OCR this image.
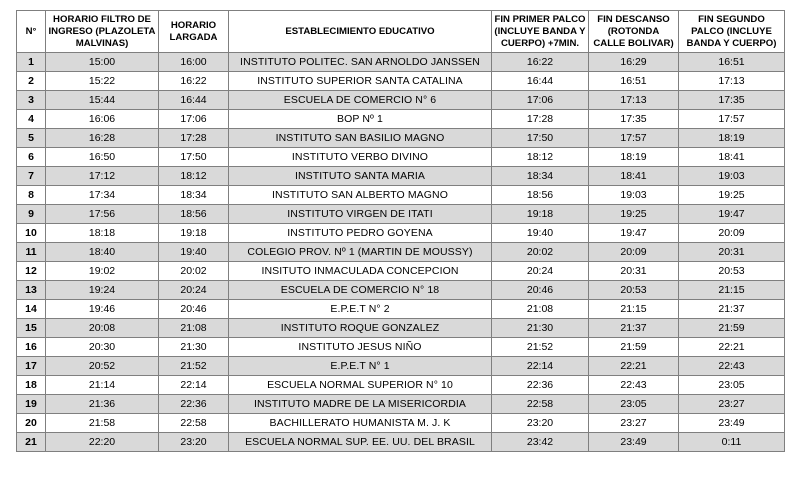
N°	HORARIO FILTRO DE INGRESO (PLAZOLETA MALVINAS)	HORARIO LARGADA	ESTABLECIMIENTO EDUCATIVO	FIN PRIMER PALCO (INCLUYE BANDA Y CUERPO) +7MIN.	FIN DESCANSO (ROTONDA CALLE BOLIVAR)	FIN SEGUNDO PALCO (INCLUYE BANDA Y CUERPO)
1	15:00	16:00	INSTITUTO POLITEC. SAN ARNOLDO JANSSEN	16:22	16:29	16:51
2	15:22	16:22	INSTITUTO SUPERIOR SANTA CATALINA	16:44	16:51	17:13
3	15:44	16:44	ESCUELA DE COMERCIO N° 6	17:06	17:13	17:35
4	16:06	17:06	BOP Nº 1	17:28	17:35	17:57
5	16:28	17:28	INSTITUTO SAN BASILIO MAGNO	17:50	17:57	18:19
6	16:50	17:50	INSTITUTO VERBO DIVINO	18:12	18:19	18:41
7	17:12	18:12	INSTITUTO SANTA MARIA	18:34	18:41	19:03
8	17:34	18:34	INSTITUTO SAN ALBERTO MAGNO	18:56	19:03	19:25
9	17:56	18:56	INSTITUTO VIRGEN DE ITATI	19:18	19:25	19:47
10	18:18	19:18	INSTITUTO PEDRO GOYENA	19:40	19:47	20:09
11	18:40	19:40	COLEGIO PROV. Nº 1 (MARTIN DE MOUSSY)	20:02	20:09	20:31
12	19:02	20:02	INSITUTO INMACULADA CONCEPCION	20:24	20:31	20:53
13	19:24	20:24	ESCUELA DE COMERCIO N° 18	20:46	20:53	21:15
14	19:46	20:46	E.P.E.T N° 2	21:08	21:15	21:37
15	20:08	21:08	INSTITUTO ROQUE GONZALEZ	21:30	21:37	21:59
16	20:30	21:30	INSTITUTO JESUS NIÑO	21:52	21:59	22:21
17	20:52	21:52	E.P.E.T N° 1	22:14	22:21	22:43
18	21:14	22:14	ESCUELA NORMAL SUPERIOR N° 10	22:36	22:43	23:05
19	21:36	22:36	INSTITUTO MADRE DE LA MISERICORDIA	22:58	23:05	23:27
20	21:58	22:58	BACHILLERATO HUMANISTA M. J. K	23:20	23:27	23:49
21	22:20	23:20	ESCUELA NORMAL SUP. EE. UU. DEL BRASIL	23:42	23:49	0:11
